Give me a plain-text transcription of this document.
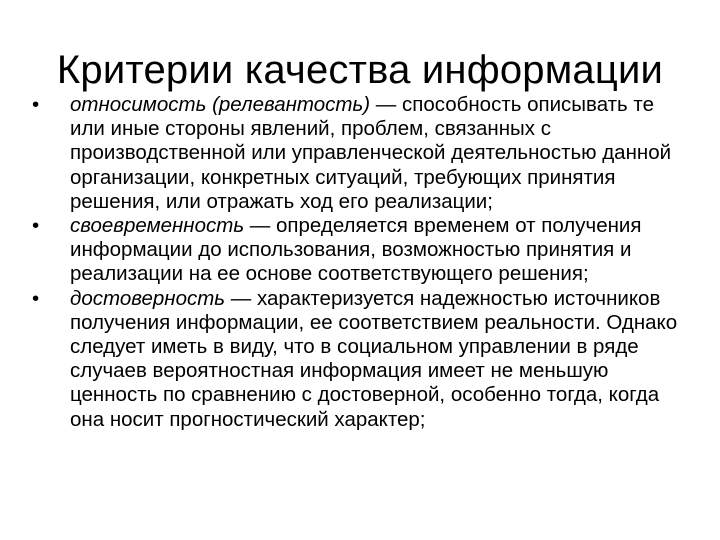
Критерии качества информации
•	относимость (релевантость) — способность описывать те или иные стороны явлений, проблем, связанных с производственной или управленческой деятельностью данной организации, конкретных ситуаций, требующих принятия решения, или отражать ход его реализации;
•	своевременность — определяется временем от получения информации до использования, возможностью принятия и реализации на ее основе соответствующего решения;
•	достоверность — характеризуется надежностью источников получения информации, ее соответствием реальности. Однако следует иметь в виду, что в социальном управлении в ряде случаев вероятностная информация имеет не меньшую ценность по сравнению с достоверной, особенно тогда, когда она носит прогностический характер;
